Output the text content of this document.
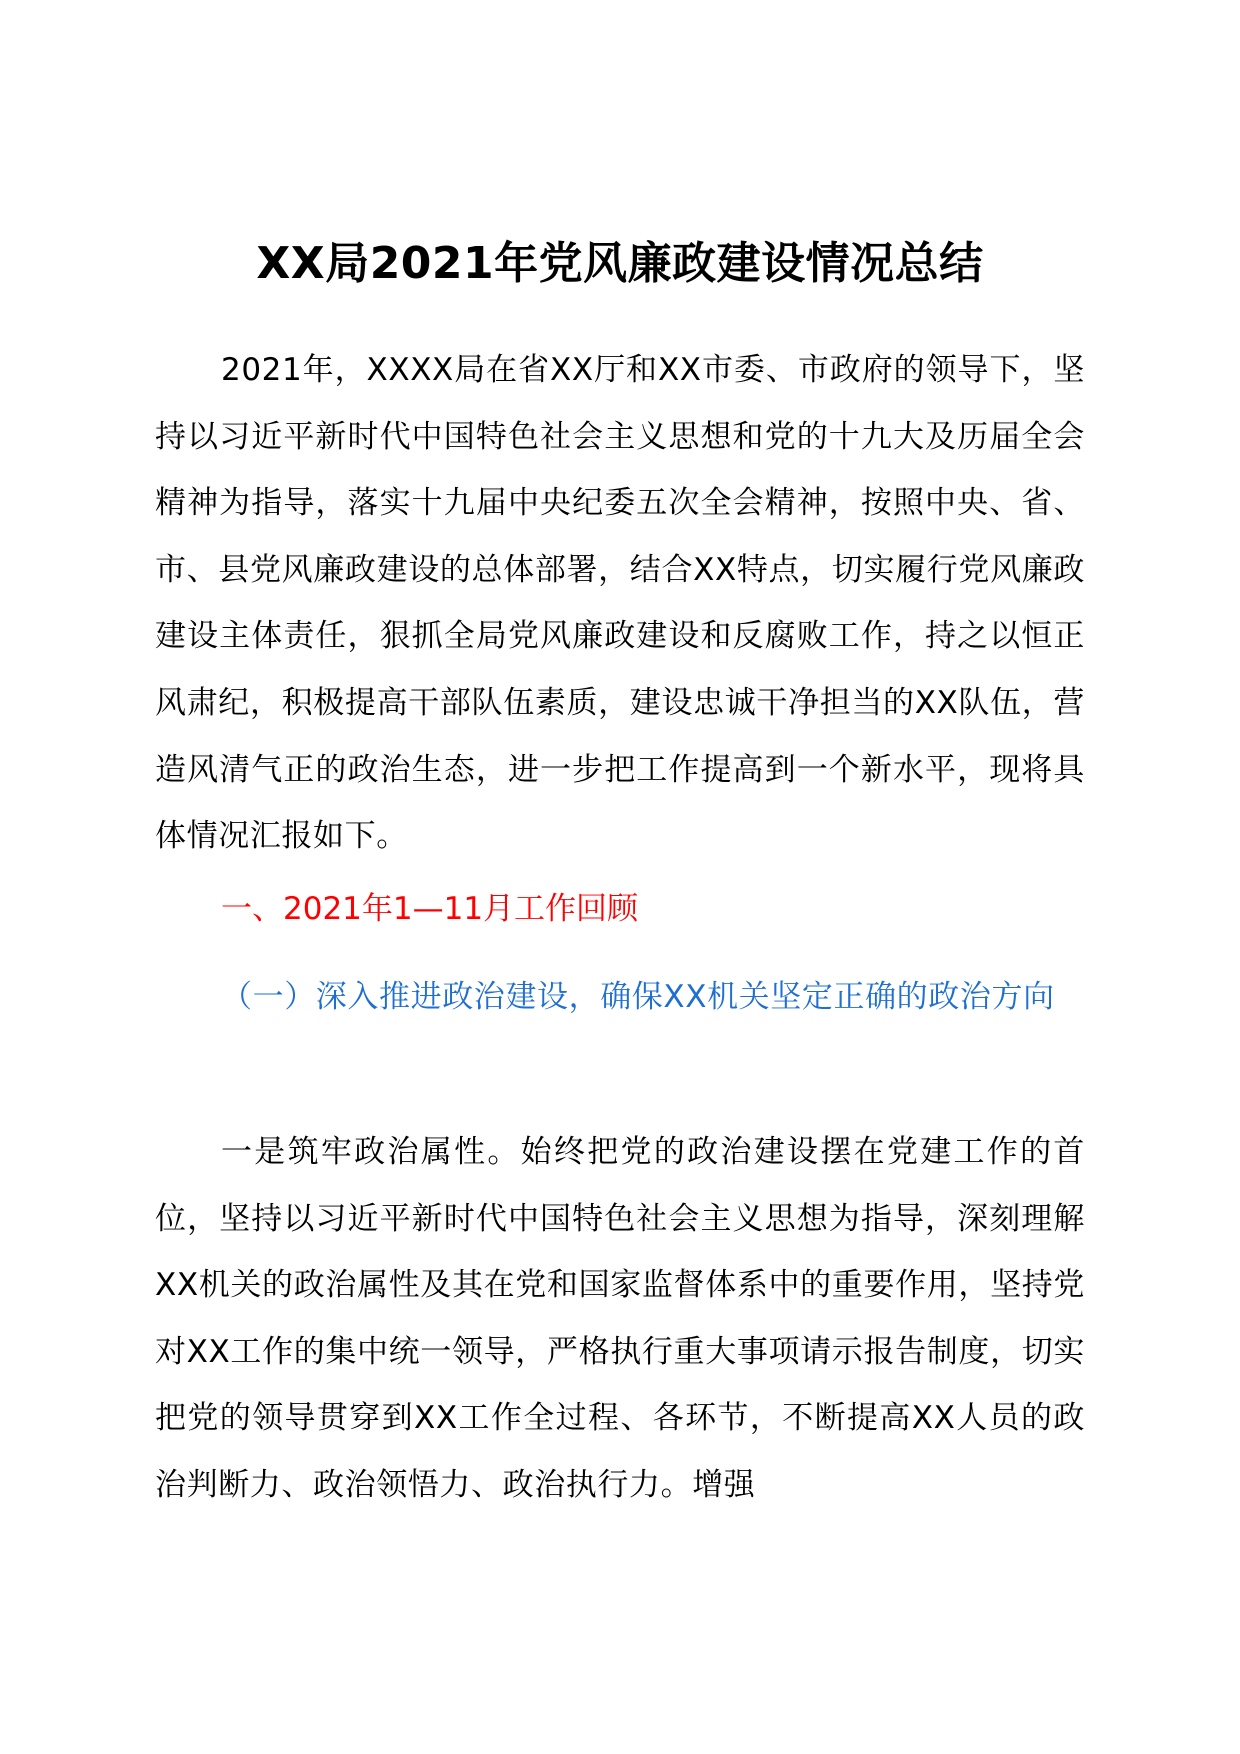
XX局2021年党风廉政建设情况总结

2021年，XXXX局在省XX厅和XX市委、市政府的领导下，坚持以习近平新时代中国特色社会主义思想和党的十九大及历届全会精神为指导，落实十九届中央纪委五次全会精神，按照中央、省、市、县党风廉政建设的总体部署，结合XX特点，切实履行党风廉政建设主体责任，狠抓全局党风廉政建设和反腐败工作，持之以恒正风肃纪，积极提高干部队伍素质，建设忠诚干净担当的XX队伍，营造风清气正的政治生态，进一步把工作提高到一个新水平，现将具体情况汇报如下。

一、2021年1—11月工作回顾
（一）深入推进政治建设，确保XX机关坚定正确的政治方向

一是筑牢政治属性。始终把党的政治建设摆在党建工作的首位，坚持以习近平新时代中国特色社会主义思想为指导，深刻理解XX机关的政治属性及其在党和国家监督体系中的重要作用，坚持党对XX工作的集中统一领导，严格执行重大事项请示报告制度，切实把党的领导贯穿到XX工作全过程、各环节，不断提高XX人员的政治判断力、政治领悟力、政治执行力。增强
